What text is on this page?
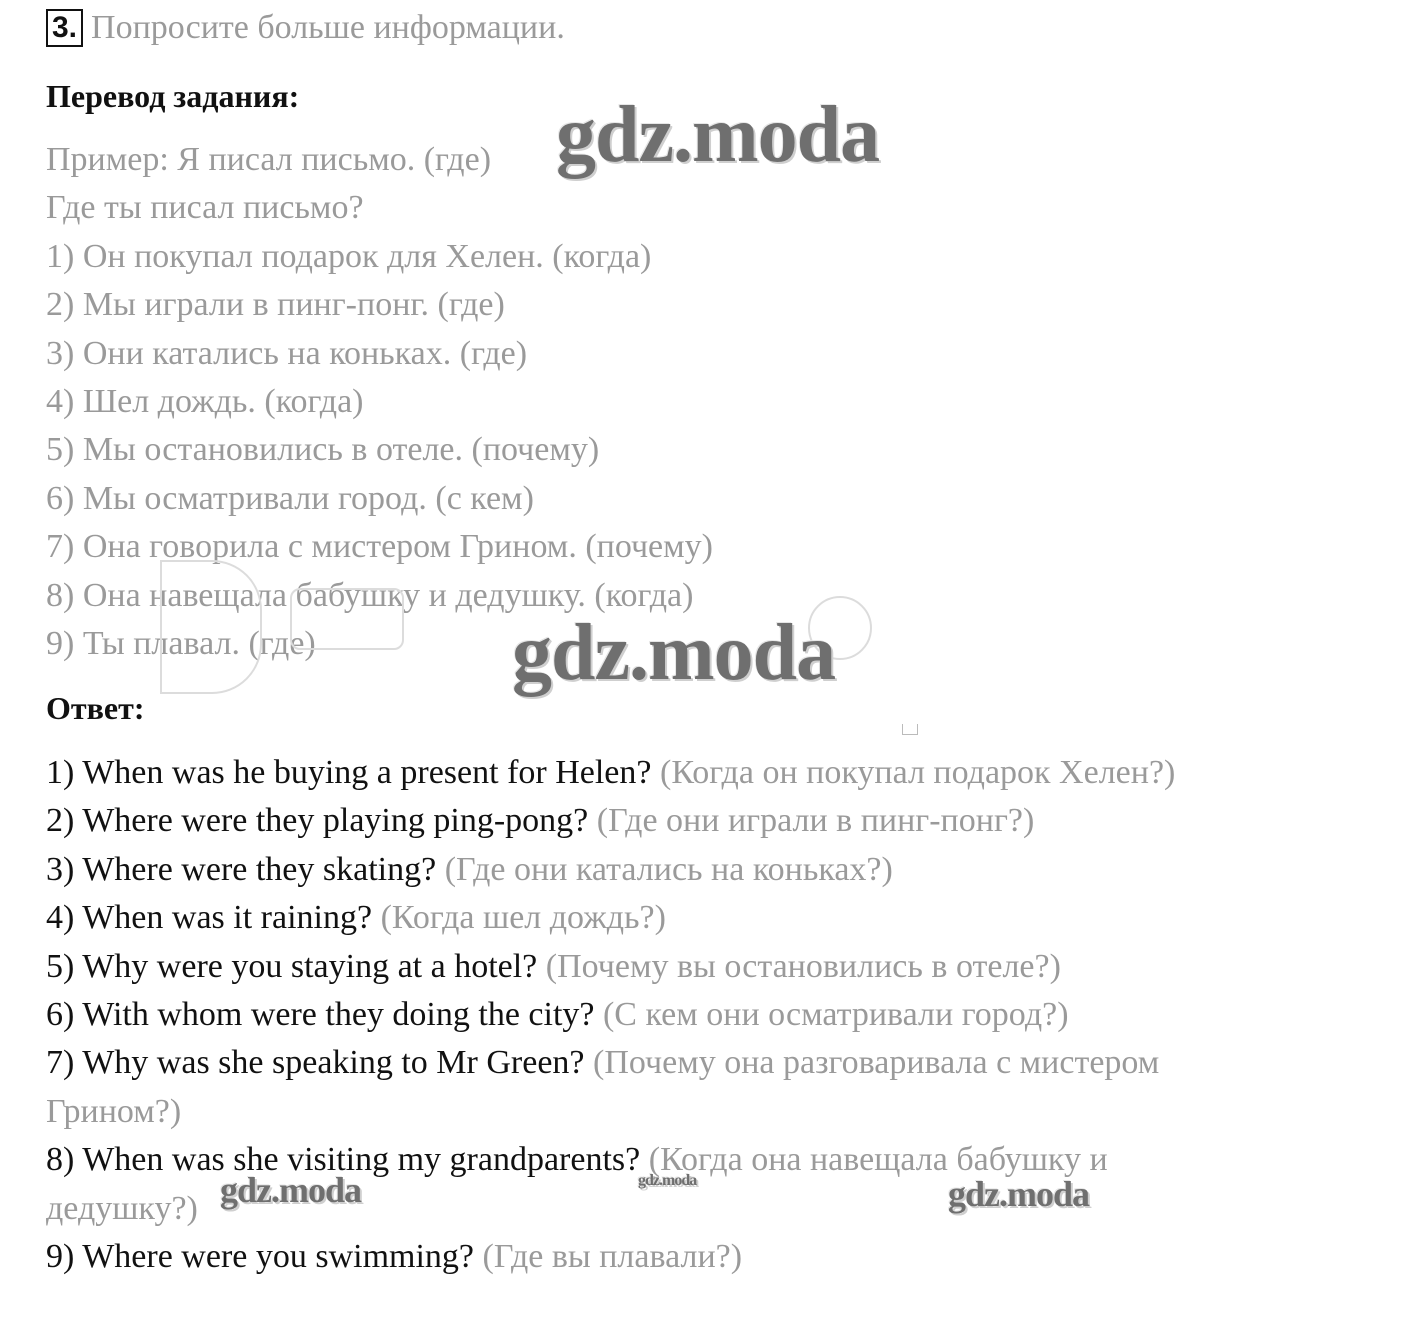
3. Попросите больше информации.
Перевод задания:
Пример: Я писал письмо. (где)
Где ты писал письмо?
1) Он покупал подарок для Хелен. (когда)
2) Мы играли в пинг-понг. (где)
3) Они катались на коньках. (где)
4) Шел дождь. (когда)
5) Мы остановились в отеле. (почему)
6) Мы осматривали город. (с кем)
7) Она говорила с мистером Грином. (почему)
8) Она навещала бабушку и дедушку. (когда)
9) Ты плавал. (где)
Ответ:
1) When was he buying a present for Helen? (Когда он покупал подарок Хелен?)
2) Where were they playing ping-pong? (Где они играли в пинг-понг?)
3) Where were they skating? (Где они катались на коньках?)
4) When was it raining? (Когда шел дождь?)
5) Why were you staying at a hotel? (Почему вы остановились в отеле?)
6) With whom were they doing the city? (С кем они осматривали город?)
7) Why was she speaking to Mr Green? (Почему она разговаривала с мистером
Грином?)
8) When was she visiting my grandparents? (Когда она навещала бабушку и
дедушку?)
9) Where were you swimming? (Где вы плавали?)
gdz.moda
gdz.moda
gdz.moda	gdz.moda	gdz.moda
